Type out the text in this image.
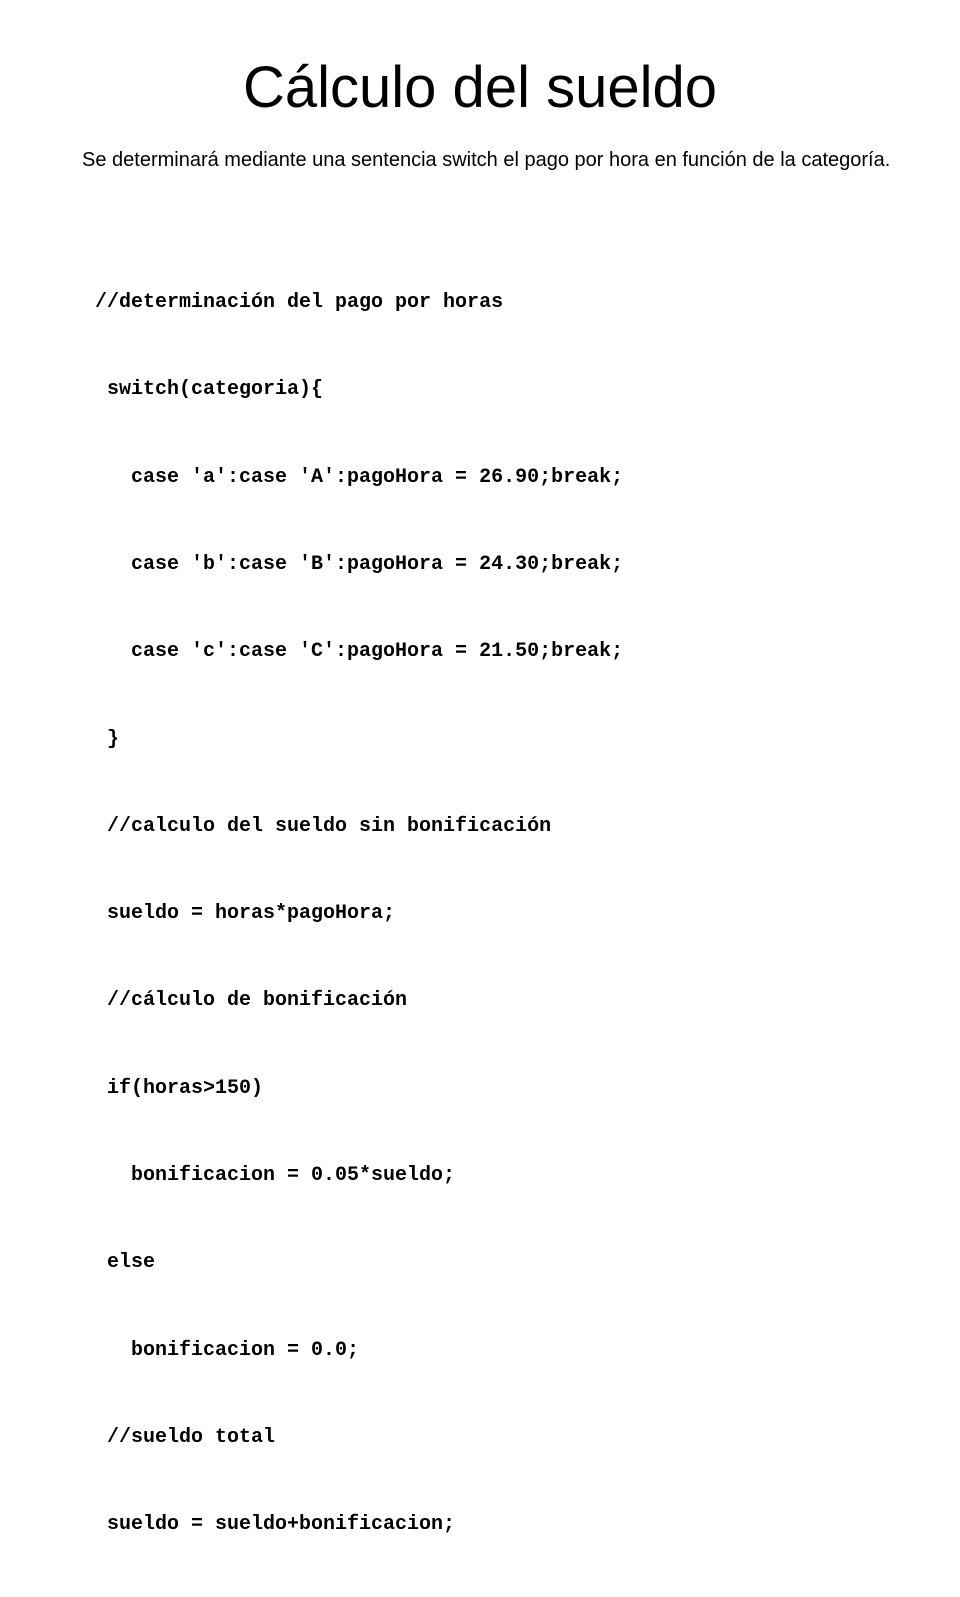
Cálculo del sueldo

Se determinará mediante una sentencia switch el pago por hora en función de la categoría.

//determinación del pago por horas

switch(categoria){

case 'a':case 'A':pagoHora = 26.90;break;

case 'b':case 'B':pagoHora = 24.30;break;

case 'c':case 'C':pagoHora = 21.50;break;

}

//calculo del sueldo sin bonificación

sueldo = horas*pagoHora;

//cálculo de bonificación

if(horas>150)

bonificacion = 0.05*sueldo;

else

bonificacion = 0.0;

//sueldo total

sueldo = sueldo+bonificacion;
